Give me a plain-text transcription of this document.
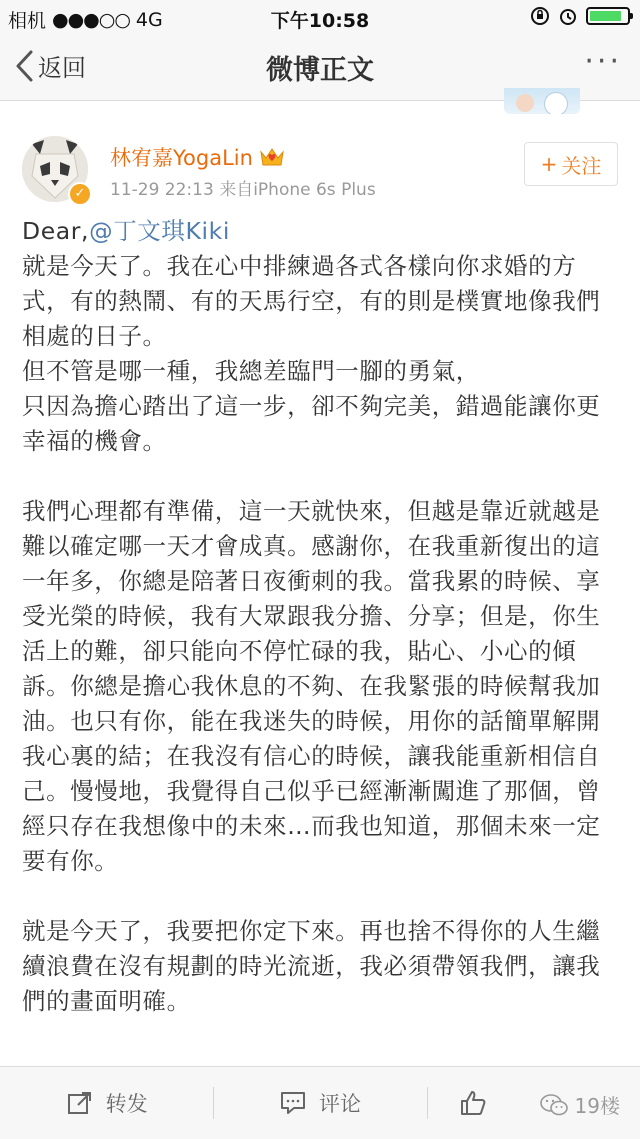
相机 ●●●○○ 4G	下午10:58
返回	微博正文	···
✓
林宥嘉YogaLin
11-29 22:13 来自iPhone 6s Plus
+ 关注

Dear,@丁文琪Kiki

就是今天了。我在心中排練過各式各樣向你求婚的方式，有的熱鬧、有的天馬行空，有的則是樸實地像我們相處的日子。

但不管是哪一種，我總差臨門一腳的勇氣，

只因為擔心踏出了這一步，卻不夠完美，錯過能讓你更幸福的機會。

我們心理都有準備，這一天就快來，但越是靠近就越是難以確定哪一天才會成真。感謝你，在我重新復出的這一年多，你總是陪著日夜衝刺的我。當我累的時候、享受光榮的時候，我有大眾跟我分擔、分享；但是，你生活上的難，卻只能向不停忙碌的我，貼心、小心的傾訴。你總是擔心我休息的不夠、在我緊張的時候幫我加油。也只有你，能在我迷失的時候，用你的話簡單解開我心裏的結；在我沒有信心的時候，讓我能重新相信自己。慢慢地，我覺得自己似乎已經漸漸闖進了那個，曾經只存在我想像中的未來…而我也知道，那個未來一定要有你。

就是今天了，我要把你定下來。再也捨不得你的人生繼續浪費在沒有規劃的時光流逝，我必須帶領我們，讓我們的畫面明確。

转发	评论	19楼
